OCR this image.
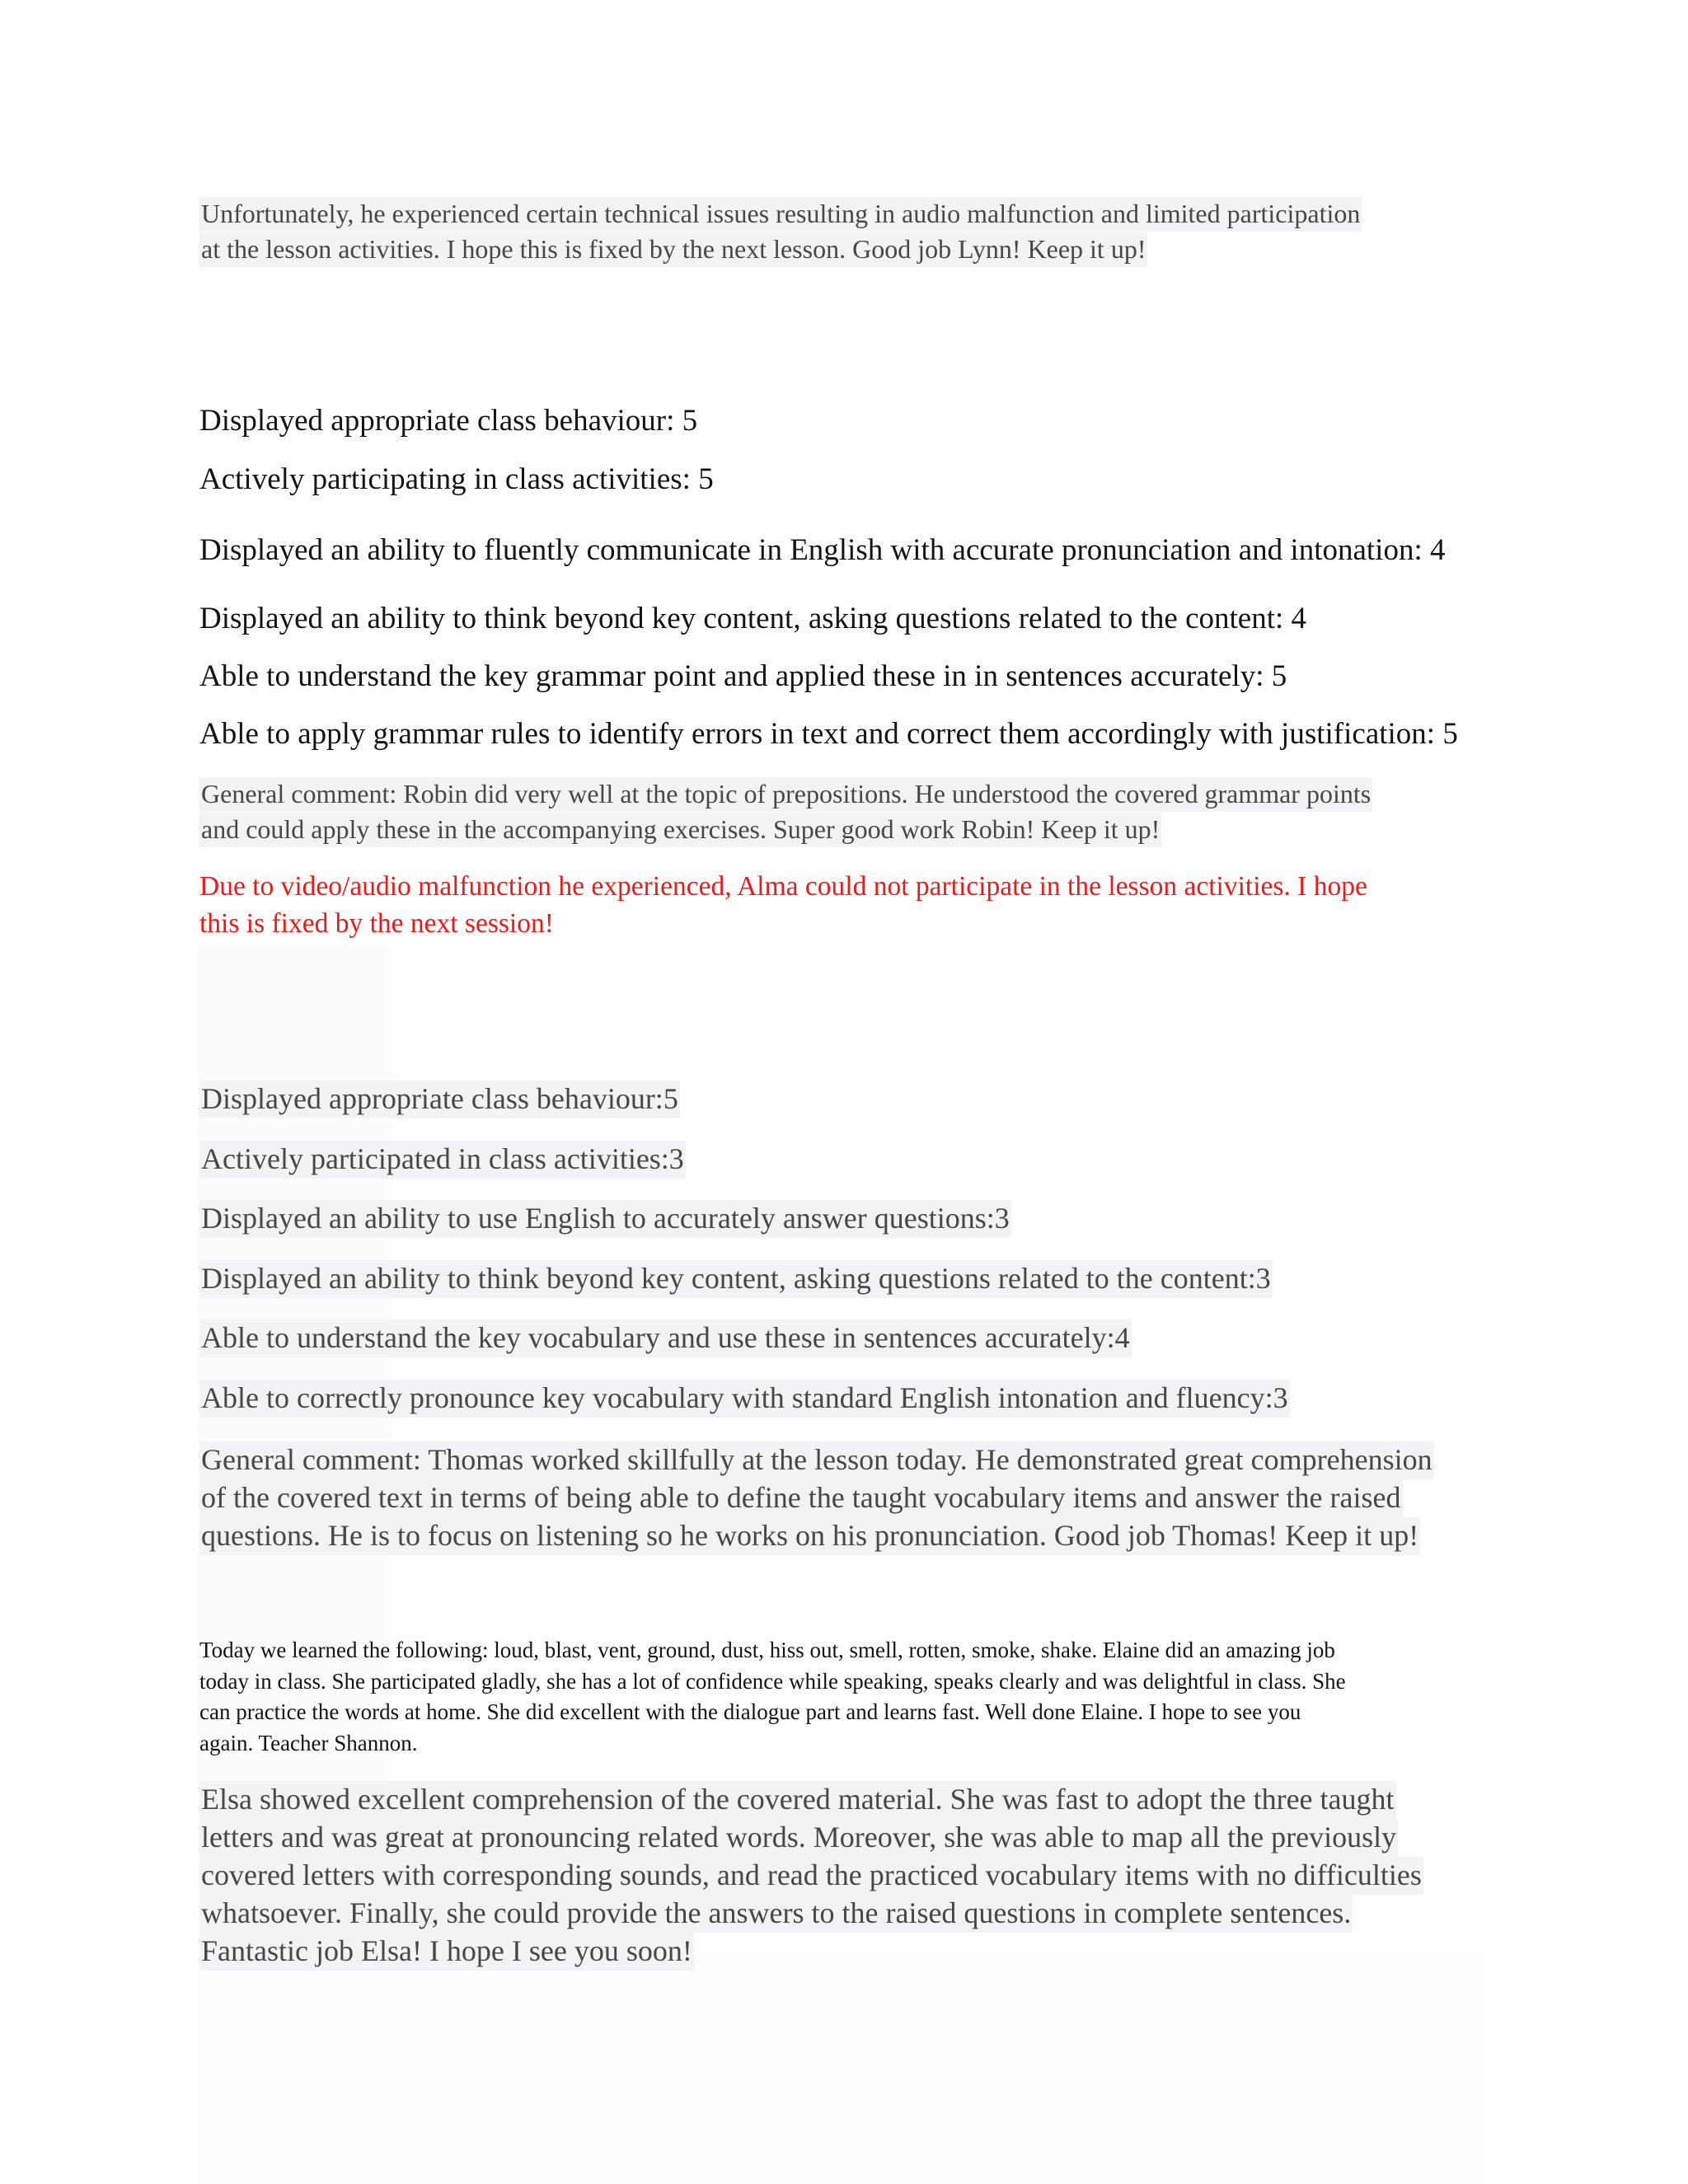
Unfortunately, he experienced certain technical issues resulting in audio malfunction and limited participation
at the lesson activities. I hope this is fixed by the next lesson. Good job Lynn! Keep it up!

Displayed appropriate class behaviour: 5

Actively participating in class activities: 5

Displayed an ability to fluently communicate in English with accurate pronunciation and intonation: 4

Displayed an ability to think beyond key content, asking questions related to the content: 4

Able to understand the key grammar point and applied these in in sentences accurately: 5

Able to apply grammar rules to identify errors in text and correct them accordingly with justification: 5

General comment: Robin did very well at the topic of prepositions. He understood the covered grammar points
and could apply these in the accompanying exercises. Super good work Robin! Keep it up!

Due to video/audio malfunction he experienced, Alma could not participate in the lesson activities. I hope
this is fixed by the next session!

Displayed appropriate class behaviour:5

Actively participated in class activities:3

Displayed an ability to use English to accurately answer questions:3

Displayed an ability to think beyond key content, asking questions related to the content:3

Able to understand the key vocabulary and use these in sentences accurately:4

Able to correctly pronounce key vocabulary with standard English intonation and fluency:3

General comment: Thomas worked skillfully at the lesson today. He demonstrated great comprehension
of the covered text in terms of being able to define the taught vocabulary items and answer the raised
questions. He is to focus on listening so he works on his pronunciation. Good job Thomas! Keep it up!

Today we learned the following: loud, blast, vent, ground, dust, hiss out, smell, rotten, smoke, shake. Elaine did an amazing job
today in class. She participated gladly, she has a lot of confidence while speaking, speaks clearly and was delightful in class. She
can practice the words at home. She did excellent with the dialogue part and learns fast. Well done Elaine. I hope to see you
again. Teacher Shannon.

Elsa showed excellent comprehension of the covered material. She was fast to adopt the three taught
letters and was great at pronouncing related words. Moreover, she was able to map all the previously
covered letters with corresponding sounds, and read the practiced vocabulary items with no difficulties
whatsoever. Finally, she could provide the answers to the raised questions in complete sentences.
Fantastic job Elsa! I hope I see you soon!
